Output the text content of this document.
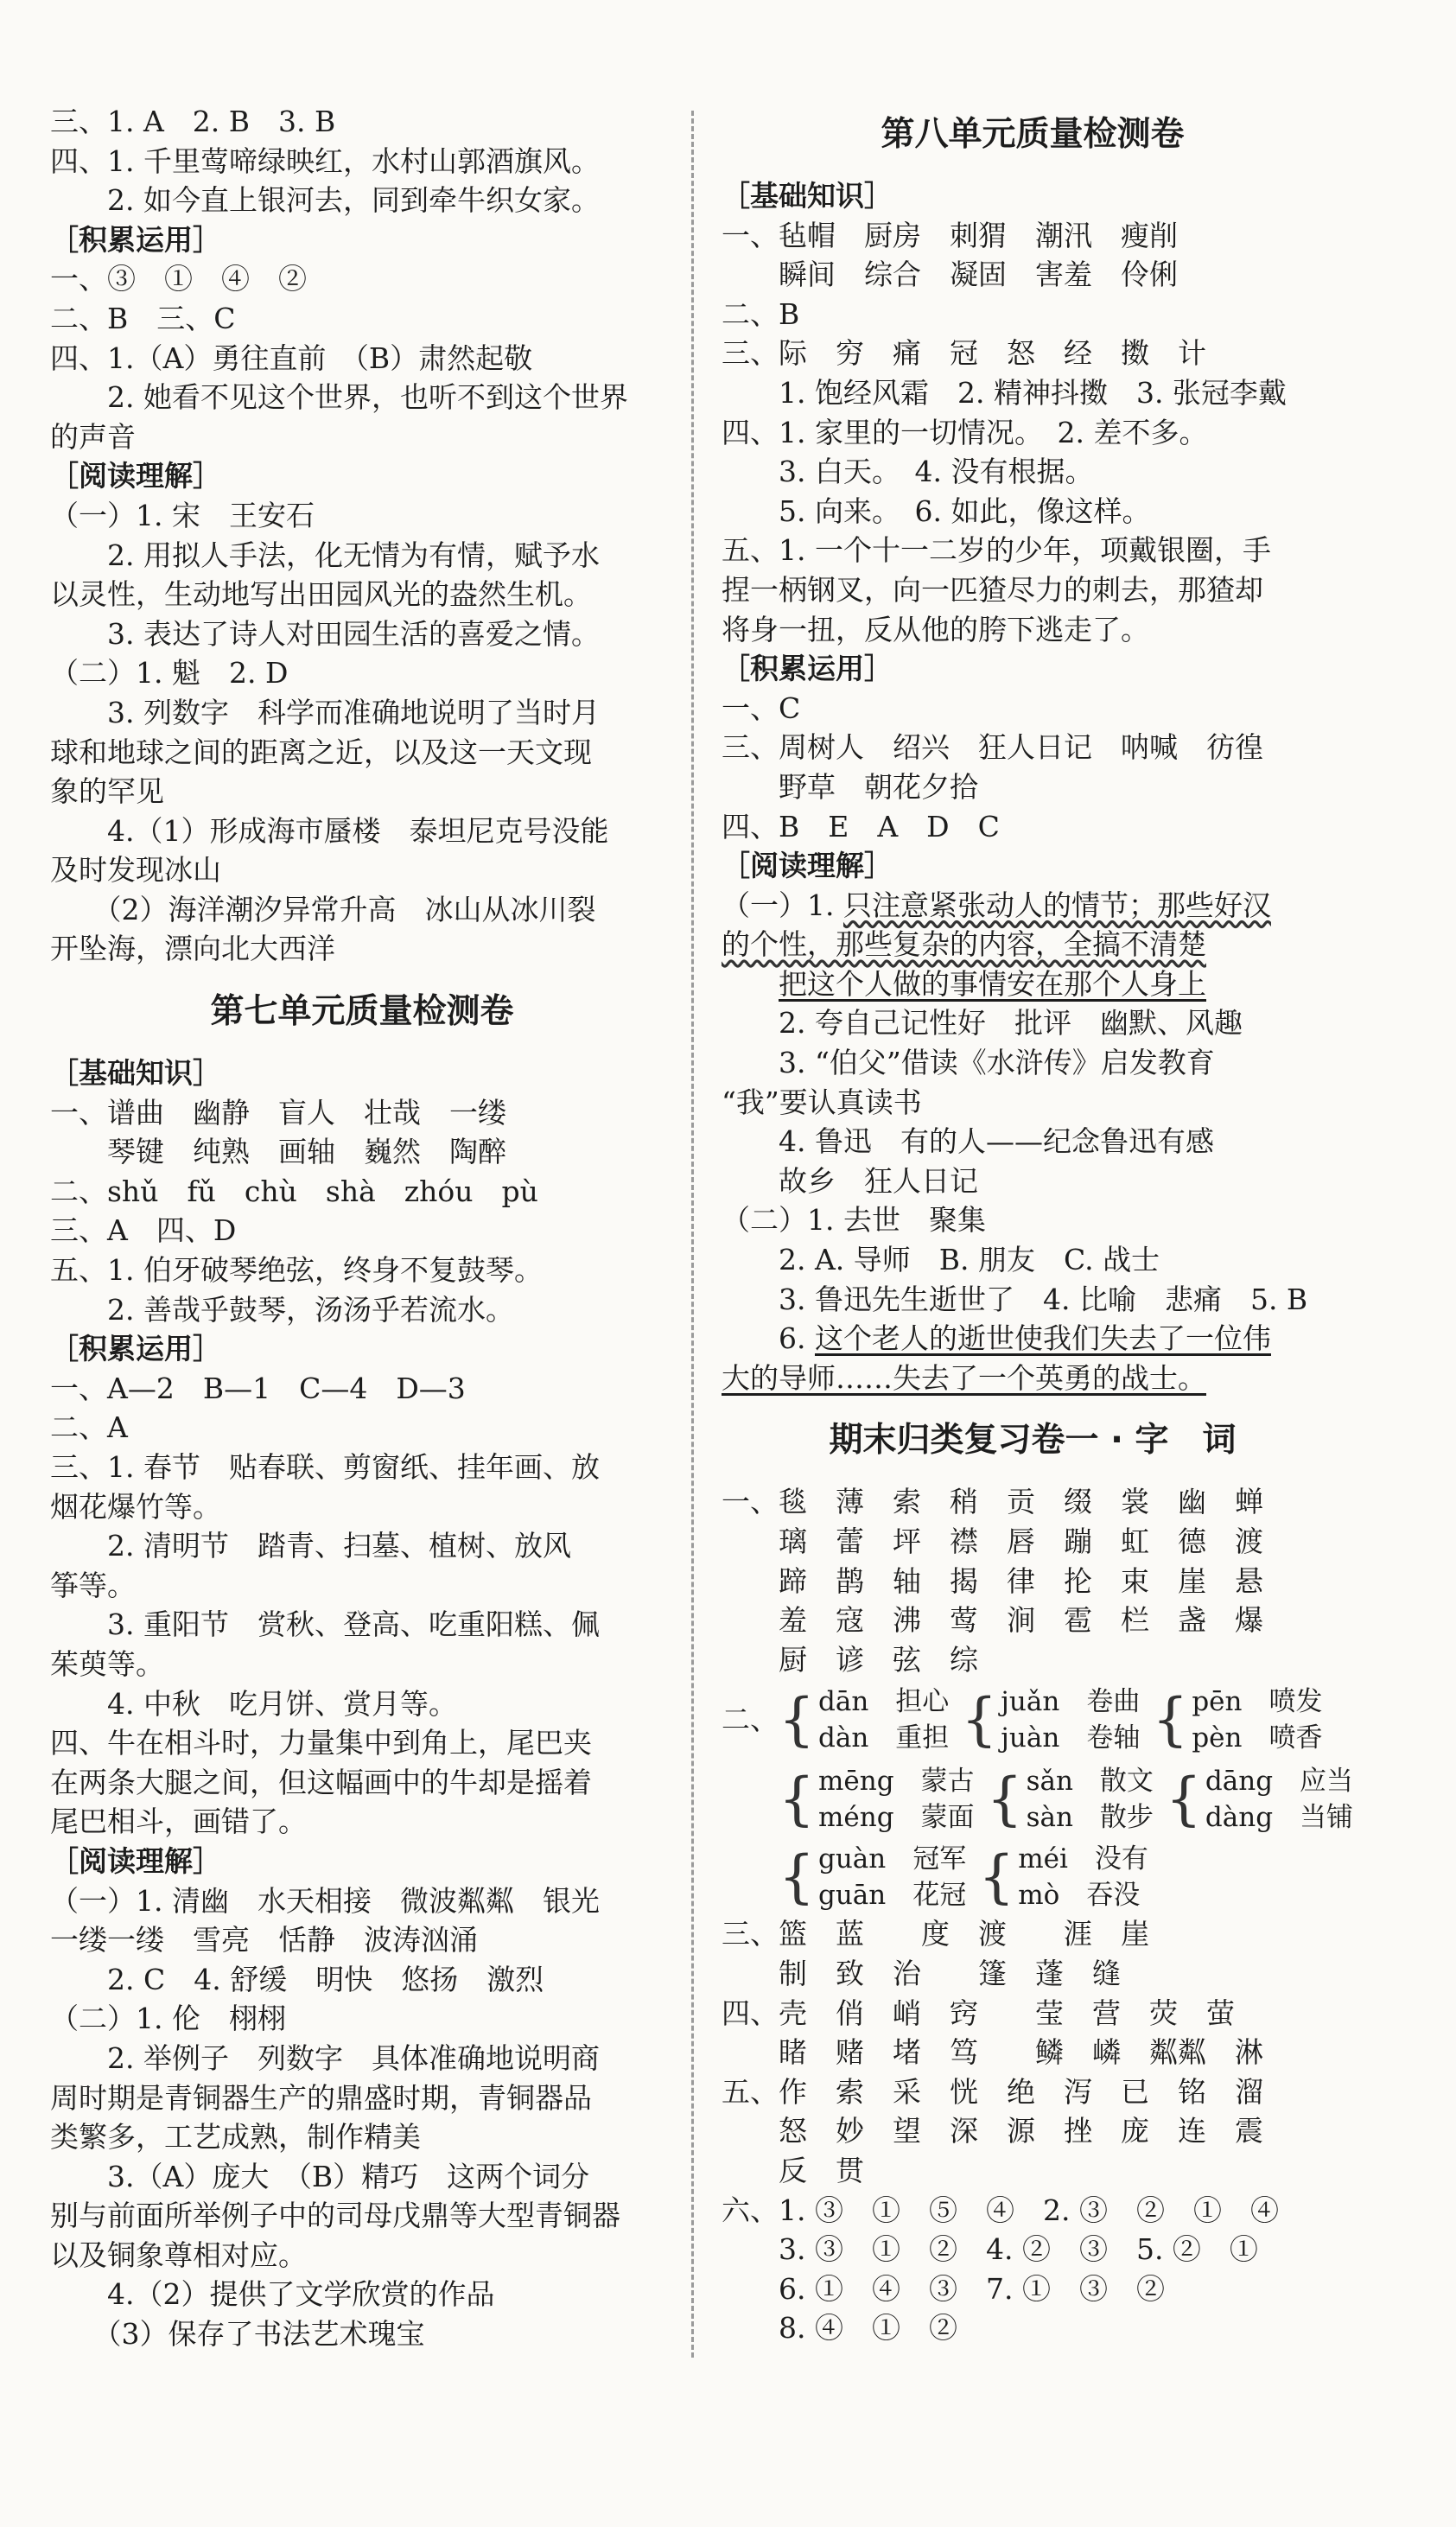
三、1. A　2. B　3. B
四、1. 千里莺啼绿映红，水村山郭酒旗风。
　　2. 如今直上银河去，同到牵牛织女家。
［积累运用］
一、③　①　④　②
二、B　三、C
四、1.（A）勇往直前　（B）肃然起敬
　　2. 她看不见这个世界，也听不到这个世界
的声音
［阅读理解］
（一）1. 宋　王安石
　　2. 用拟人手法，化无情为有情，赋予水
以灵性，生动地写出田园风光的盎然生机。
　　3. 表达了诗人对田园生活的喜爱之情。
（二）1. 魁　2. D
　　3. 列数字　科学而准确地说明了当时月
球和地球之间的距离之近，以及这一天文现
象的罕见
　　4.（1）形成海市蜃楼　泰坦尼克号没能
及时发现冰山
　　（2）海洋潮汐异常升高　冰山从冰川裂
开坠海，漂向北大西洋
第七单元质量检测卷
［基础知识］
一、谱曲　幽静　盲人　壮哉　一缕
　　琴键　纯熟　画轴　巍然　陶醉
二、shǔ　fǔ　chù　shà　zhóu　pù
三、A　四、D
五、1. 伯牙破琴绝弦，终身不复鼓琴。
　　2. 善哉乎鼓琴，汤汤乎若流水。
［积累运用］
一、A—2　B—1　C—4　D—3
二、A
三、1. 春节　贴春联、剪窗纸、挂年画、放
烟花爆竹等。
　　2. 清明节　踏青、扫墓、植树、放风
筝等。
　　3. 重阳节　赏秋、登高、吃重阳糕、佩
茱萸等。
　　4. 中秋　吃月饼、赏月等。
四、牛在相斗时，力量集中到角上，尾巴夹
在两条大腿之间，但这幅画中的牛却是摇着
尾巴相斗，画错了。
［阅读理解］
（一）1. 清幽　水天相接　微波粼粼　银光
一缕一缕　雪亮　恬静　波涛汹涌
　　2. C　4. 舒缓　明快　悠扬　激烈
（二）1. 伦　栩栩
　　2. 举例子　列数字　具体准确地说明商
周时期是青铜器生产的鼎盛时期，青铜器品
类繁多，工艺成熟，制作精美
　　3.（A）庞大　（B）精巧　这两个词分
别与前面所举例子中的司母戊鼎等大型青铜器
以及铜象尊相对应。
　　4.（2）提供了文学欣赏的作品
　　（3）保存了书法艺术瑰宝
第八单元质量检测卷
［基础知识］
一、毡帽　厨房　刺猬　潮汛　瘦削
　　瞬间　综合　凝固　害羞　伶俐
二、B
三、际　穷　痛　冠　怒　经　擞　计
　　1. 饱经风霜　2. 精神抖擞　3. 张冠李戴
四、1. 家里的一切情况。　2. 差不多。
　　3. 白天。　4. 没有根据。
　　5. 向来。　6. 如此，像这样。
五、1. 一个十一二岁的少年，项戴银圈，手
捏一柄钢叉，向一匹猹尽力的刺去，那猹却
将身一扭，反从他的胯下逃走了。
［积累运用］
一、C
三、周树人　绍兴　狂人日记　呐喊　彷徨
　　野草　朝花夕拾
四、B　E　A　D　C
［阅读理解］
（一）1. 只注意紧张动人的情节；那些好汉
的个性，那些复杂的内容，全搞不清楚
　　把这个人做的事情安在那个人身上
　　2. 夸自己记性好　批评　幽默、风趣
　　3. “伯父”借读《水浒传》启发教育
“我”要认真读书
　　4. 鲁迅　有的人——纪念鲁迅有感
　　故乡　狂人日记
（二）1. 去世　聚集
　　2. A. 导师　B. 朋友　C. 战士
　　3. 鲁迅先生逝世了　4. 比喻　悲痛　5. B
　　6. 这个老人的逝世使我们失去了一位伟
大的导师……失去了一个英勇的战士。
期末归类复习卷一 · 字　词
一、毯　薄　索　稍　贡　缀　裳　幽　蝉
　　璃　蕾　坪　襟　唇　蹦　虹　德　渡
　　蹄　鹊　轴　揭　律　抡　束　崖　悬
　　羞　寇　沸　莺　涧　雹　栏　盏　爆
　　厨　谚　弦　综
二、 { dān　担心
dàn　重担 { juǎn　卷曲
juàn　卷轴 { pēn　喷发
pèn　喷香
{ mēng　蒙古
méng　蒙面 { sǎn　散文
sàn　散步 { dāng　应当
dàng　当铺
{ guàn　冠军
guān　花冠 { méi　没有
mò　吞没
三、篮　蓝　　度　渡　　涯　崖
　　制　致　治　　篷　蓬　缝
四、壳　俏　峭　窍　　莹　营　荧　萤
　　睹　赌　堵　笃　　鳞　嶙　粼粼　淋
五、作　索　采　恍　绝　泻　已　铭　溜
　　怒　妙　望　深　源　挫　庞　连　震
　　反　贯
六、1. ③　①　⑤　④　2. ③　②　①　④
　　3. ③　①　②　4. ②　③　5. ②　①
　　6. ①　④　③　7. ①　③　②
　　8. ④　①　②
